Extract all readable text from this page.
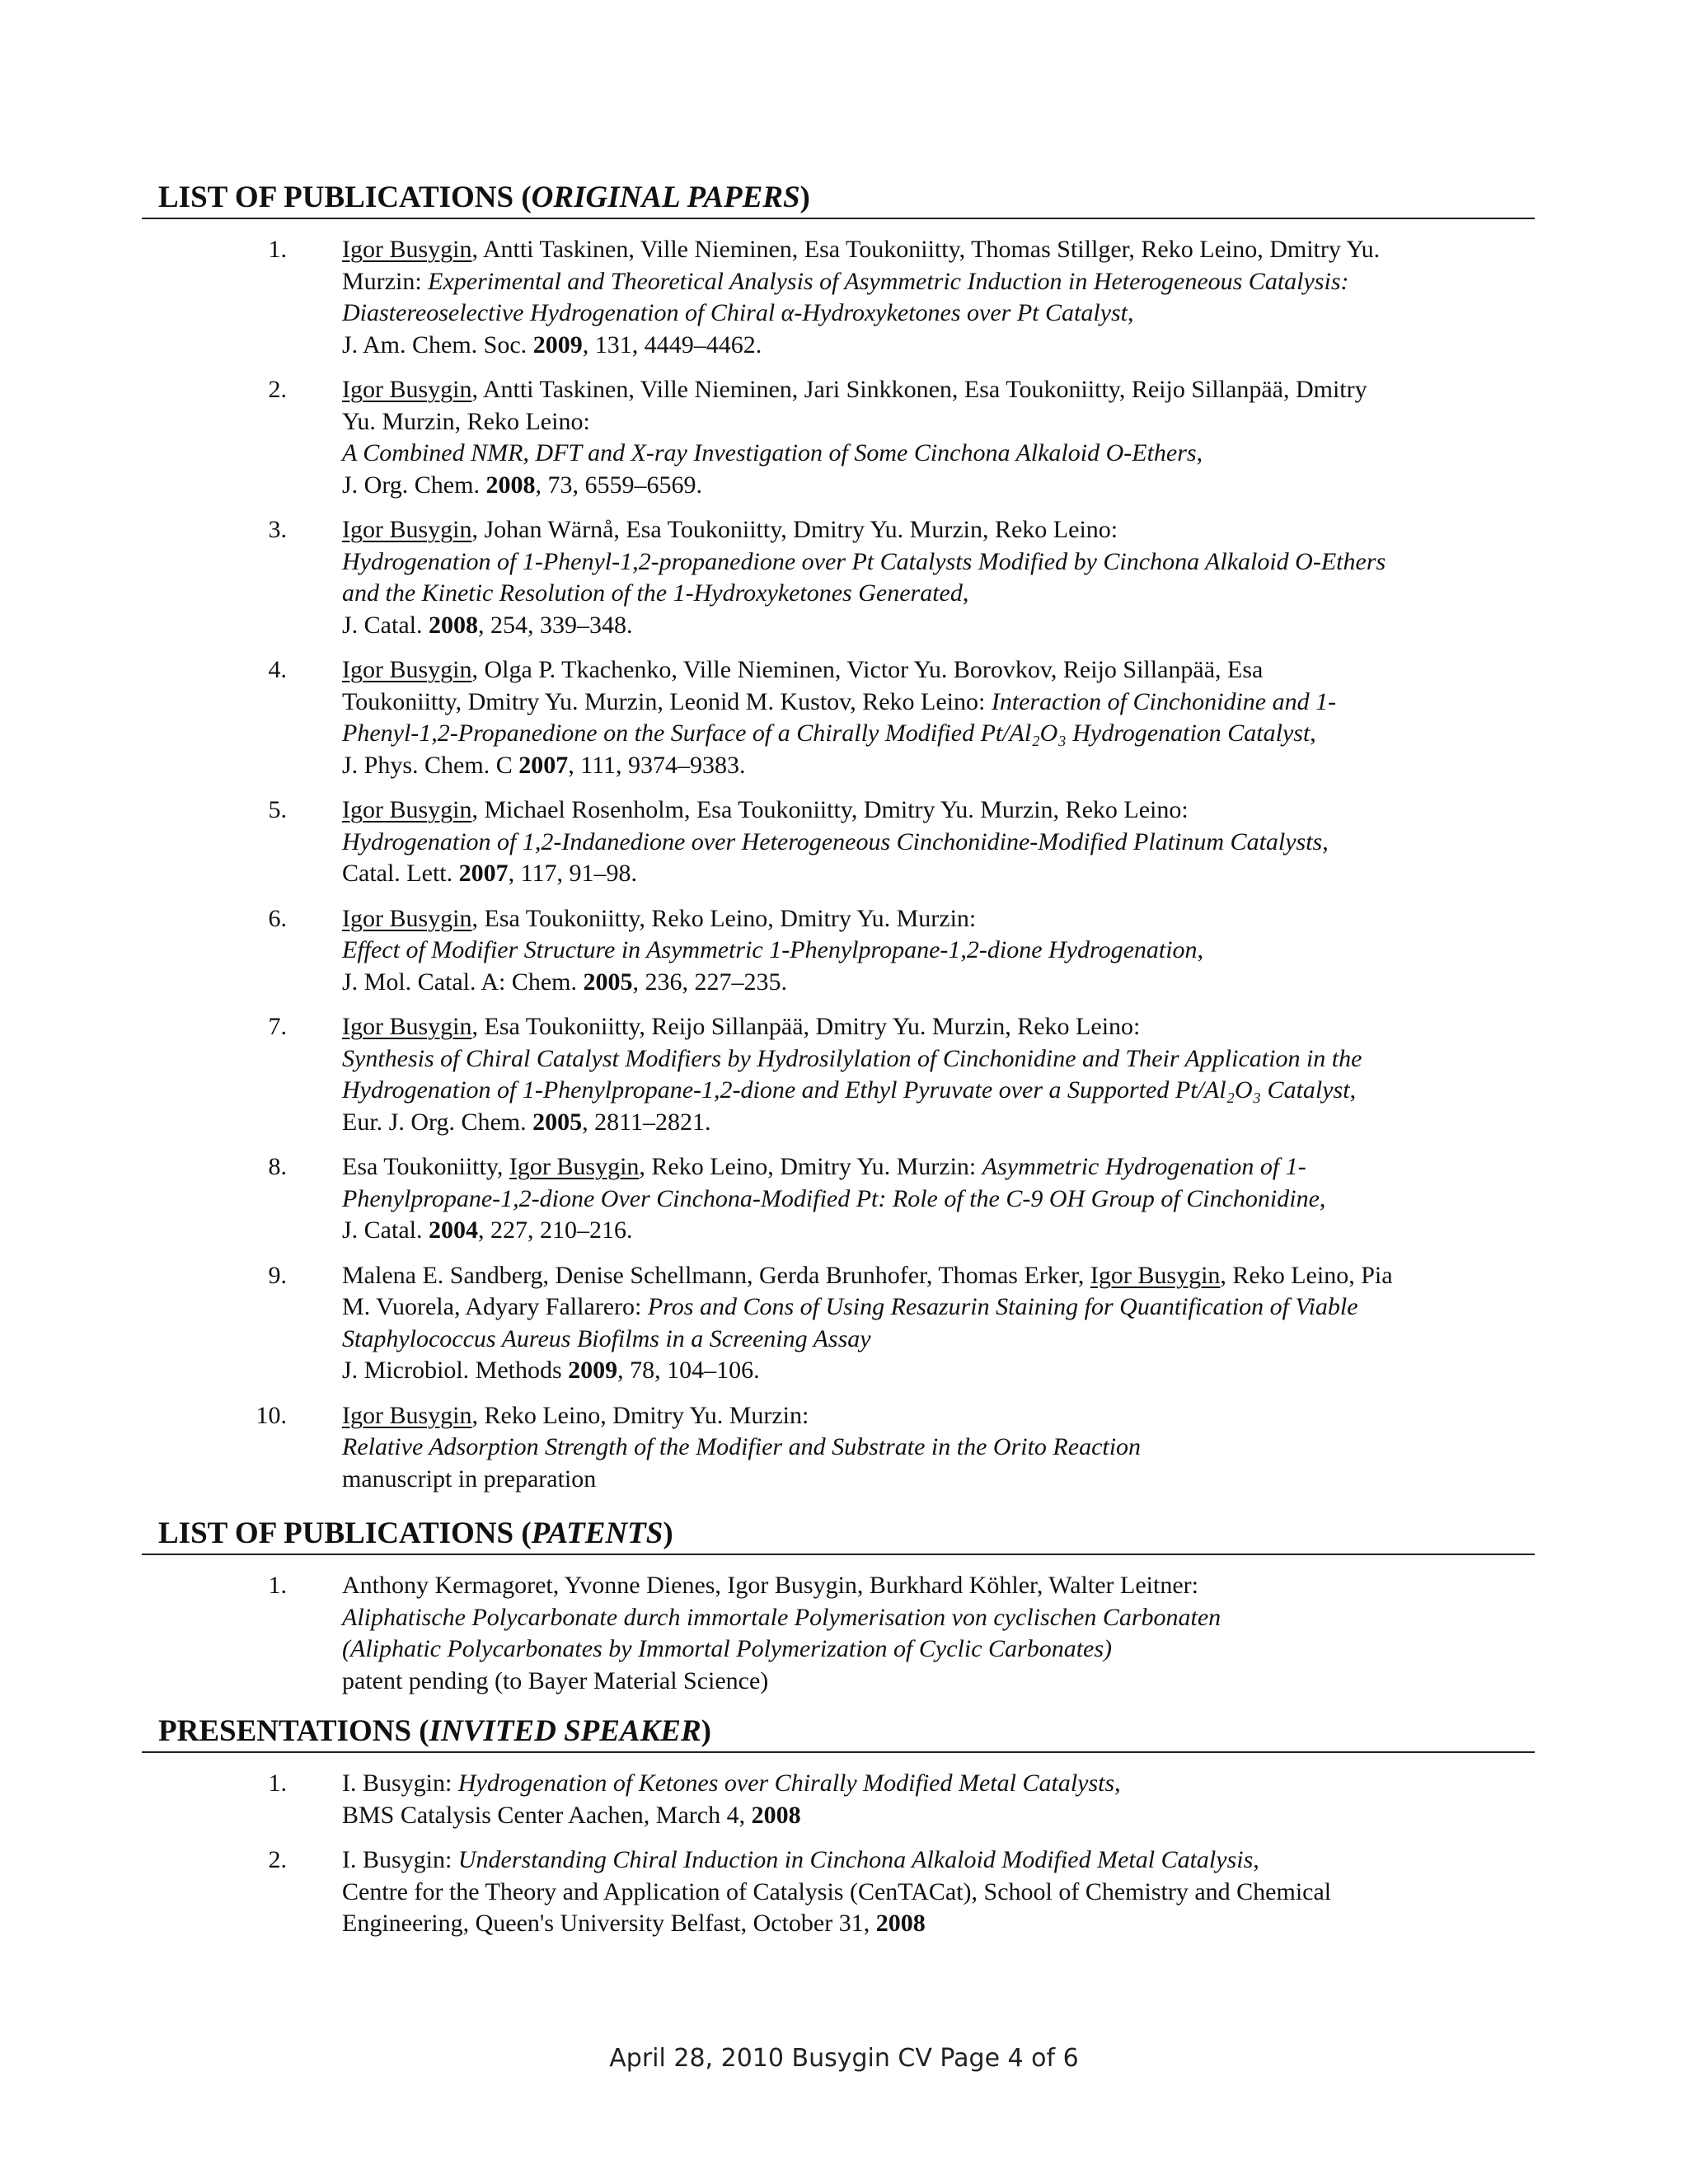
LIST OF PUBLICATIONS (ORIGINAL PAPERS)
1. Igor Busygin, Antti Taskinen, Ville Nieminen, Esa Toukoniitty, Thomas Stillger, Reko Leino, Dmitry Yu.
Murzin: Experimental and Theoretical Analysis of Asymmetric Induction in Heterogeneous Catalysis:
Diastereoselective Hydrogenation of Chiral α-Hydroxyketones over Pt Catalyst,
J. Am. Chem. Soc. 2009, 131, 4449–4462.
2. Igor Busygin, Antti Taskinen, Ville Nieminen, Jari Sinkkonen, Esa Toukoniitty, Reijo Sillanpää, Dmitry
Yu. Murzin, Reko Leino:
A Combined NMR, DFT and X-ray Investigation of Some Cinchona Alkaloid O-Ethers,
J. Org. Chem. 2008, 73, 6559–6569.
3. Igor Busygin, Johan Wärnå, Esa Toukoniitty, Dmitry Yu. Murzin, Reko Leino:
Hydrogenation of 1-Phenyl-1,2-propanedione over Pt Catalysts Modified by Cinchona Alkaloid O-Ethers
and the Kinetic Resolution of the 1-Hydroxyketones Generated,
J. Catal. 2008, 254, 339–348.
4. Igor Busygin, Olga P. Tkachenko, Ville Nieminen, Victor Yu. Borovkov, Reijo Sillanpää, Esa
Toukoniitty, Dmitry Yu. Murzin, Leonid M. Kustov, Reko Leino: Interaction of Cinchonidine and 1-
Phenyl-1,2-Propanedione on the Surface of a Chirally Modified Pt/Al₂O₃ Hydrogenation Catalyst,
J. Phys. Chem. C 2007, 111, 9374–9383.
5. Igor Busygin, Michael Rosenholm, Esa Toukoniitty, Dmitry Yu. Murzin, Reko Leino:
Hydrogenation of 1,2-Indanedione over Heterogeneous Cinchonidine-Modified Platinum Catalysts,
Catal. Lett. 2007, 117, 91–98.
6. Igor Busygin, Esa Toukoniitty, Reko Leino, Dmitry Yu. Murzin:
Effect of Modifier Structure in Asymmetric 1-Phenylpropane-1,2-dione Hydrogenation,
J. Mol. Catal. A: Chem. 2005, 236, 227–235.
7. Igor Busygin, Esa Toukoniitty, Reijo Sillanpää, Dmitry Yu. Murzin, Reko Leino:
Synthesis of Chiral Catalyst Modifiers by Hydrosilylation of Cinchonidine and Their Application in the
Hydrogenation of 1-Phenylpropane-1,2-dione and Ethyl Pyruvate over a Supported Pt/Al₂O₃ Catalyst,
Eur. J. Org. Chem. 2005, 2811–2821.
8. Esa Toukoniitty, Igor Busygin, Reko Leino, Dmitry Yu. Murzin: Asymmetric Hydrogenation of 1-
Phenylpropane-1,2-dione Over Cinchona-Modified Pt: Role of the C-9 OH Group of Cinchonidine,
J. Catal. 2004, 227, 210–216.
9. Malena E. Sandberg, Denise Schellmann, Gerda Brunhofer, Thomas Erker, Igor Busygin, Reko Leino, Pia
M. Vuorela, Adyary Fallarero: Pros and Cons of Using Resazurin Staining for Quantification of Viable
Staphylococcus Aureus Biofilms in a Screening Assay
J. Microbiol. Methods 2009, 78, 104–106.
10. Igor Busygin, Reko Leino, Dmitry Yu. Murzin:
Relative Adsorption Strength of the Modifier and Substrate in the Orito Reaction
manuscript in preparation
LIST OF PUBLICATIONS (PATENTS)
1. Anthony Kermagoret, Yvonne Dienes, Igor Busygin, Burkhard Köhler, Walter Leitner:
Aliphatische Polycarbonate durch immortale Polymerisation von cyclischen Carbonaten
(Aliphatic Polycarbonates by Immortal Polymerization of Cyclic Carbonates)
patent pending (to Bayer Material Science)
PRESENTATIONS (INVITED SPEAKER)
1. I. Busygin: Hydrogenation of Ketones over Chirally Modified Metal Catalysts,
BMS Catalysis Center Aachen, March 4, 2008
2. I. Busygin: Understanding Chiral Induction in Cinchona Alkaloid Modified Metal Catalysis,
Centre for the Theory and Application of Catalysis (CenTACat), School of Chemistry and Chemical
Engineering, Queen's University Belfast, October 31, 2008
April 28, 2010 Busygin CV Page 4 of 6
